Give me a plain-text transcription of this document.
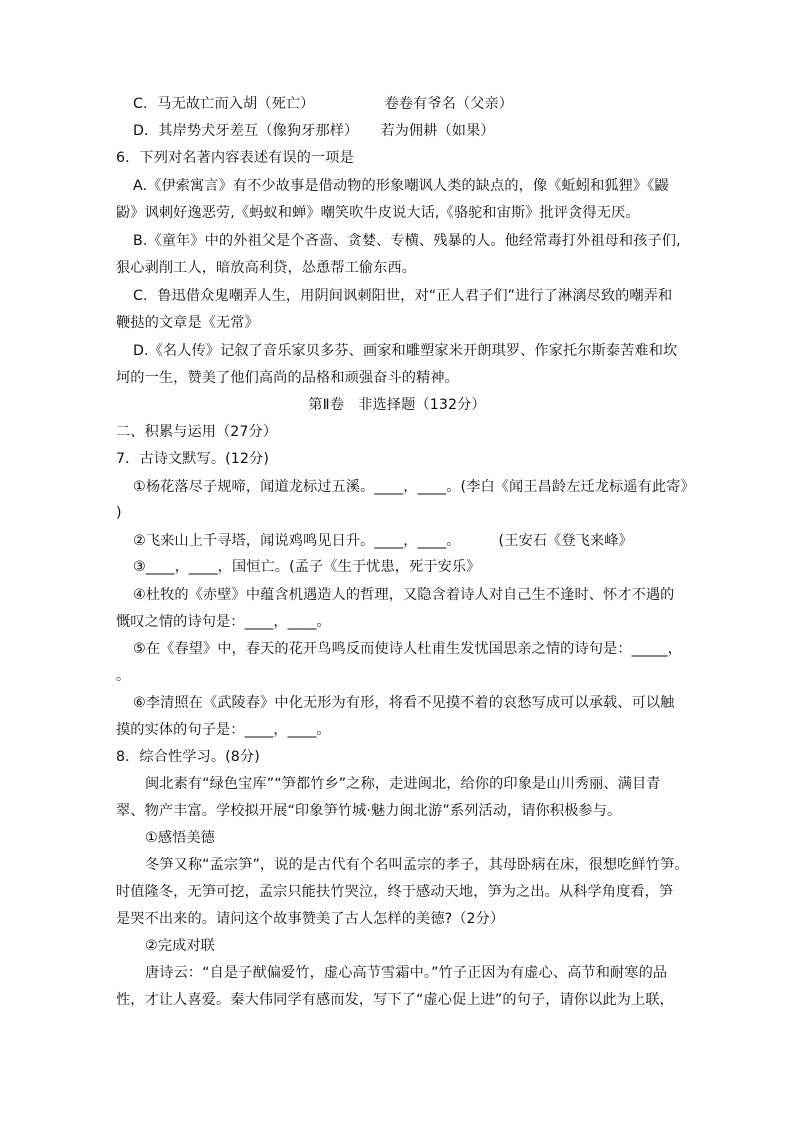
C．马无故亡而入胡（死亡）	卷卷有爷名（父亲）
D．其岸势犬牙差互（像狗牙那样） 若为佣耕（如果）
6．下列对名著内容表述有误的一项是
A.《伊索寓言》有不少故事是借动物的形象嘲讽人类的缺点的，像《蚯蚓和狐狸》《鼹
鼢》讽刺好逸恶劳,《蚂蚁和蝉》嘲笑吹牛皮说大话,《骆驼和宙斯》批评贪得无厌。
B.《童年》中的外祖父是个吝啬、贪婪、专横、残暴的人。他经常毒打外祖母和孩子们,
狠心剥削工人，暗放高利贷，怂恿帮工偷东西。
C．鲁迅借众鬼嘲弄人生，用阴间讽刺阳世，对“正人君子们”进行了淋漓尽致的嘲弄和
鞭挞的文章是《无常》
D.《名人传》记叙了音乐家贝多芬、画家和雕塑家米开朗琪罗、作家托尔斯泰苦难和坎
坷的一生，赞美了他们高尚的品格和顽强奋斗的精神。
第Ⅱ卷　非选择题（132分）
二、积累与运用（27分）
7．古诗文默写。(12分)
①杨花落尽子规啼，闻道龙标过五溪。____，____。(李白《闻王昌龄左迁龙标遥有此寄》
)
②飞来山上千寻塔，闻说鸡鸣见日升。____，____。	(王安石《登飞来峰》
③____，____，国恒亡。(孟子《生于忧患，死于安乐》
④杜牧的《赤壁》中蕴含机遇造人的哲理，又隐含着诗人对自己生不逢时、怀才不遇的
慨叹之情的诗句是：____，____。
⑤在《春望》中，春天的花开鸟鸣反而使诗人杜甫生发忧国思亲之情的诗句是：_____，
。
⑥李清照在《武陵春》中化无形为有形，将看不见摸不着的哀愁写成可以承载、可以触
摸的实体的句子是：____，____。
8．综合性学习。(8分)
闽北素有“绿色宝库”“笋都竹乡”之称，走进闽北，给你的印象是山川秀丽、满目青
翠、物产丰富。学校拟开展“印象笋竹城·魅力闽北游”系列活动，请你积极参与。
①感悟美德
冬笋又称“孟宗笋”，说的是古代有个名叫孟宗的孝子，其母卧病在床，很想吃鲜竹笋。
时值隆冬，无笋可挖，孟宗只能扶竹哭泣，终于感动天地，笋为之出。从科学角度看，笋
是哭不出来的。请问这个故事赞美了古人怎样的美德?（2分）
②完成对联
唐诗云：“自是子猷偏爱竹，虚心高节雪霜中。”竹子正因为有虚心、高节和耐寒的品
性，才让人喜爱。秦大伟同学有感而发，写下了“虚心促上进”的句子，请你以此为上联，
